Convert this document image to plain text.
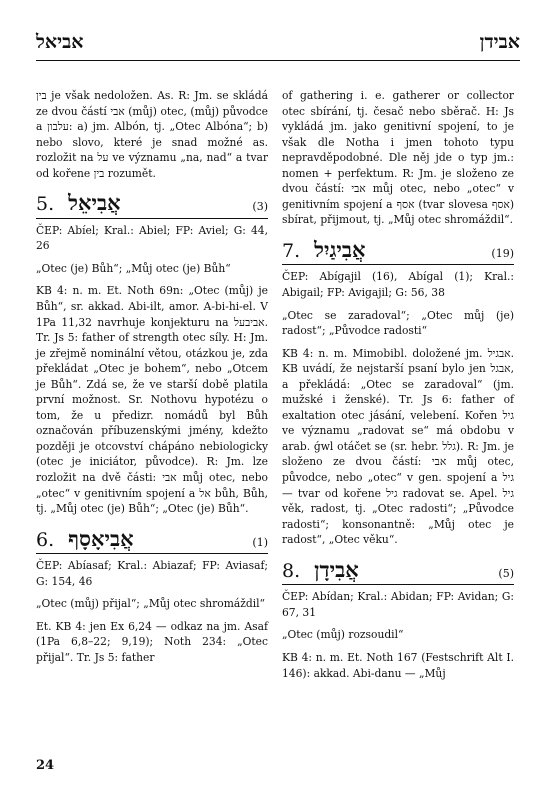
אביאל	אבידן

בין je však nedoložen. As. R: Jm. se skládá ze dvou částí אבי (můj) otec, (můj) původce a עלבון: a) jm. Albón, tj. „Otec Albóna“; b) nebo slovo, které je snad možné as. rozložit na על ve významu „na, nad“ a tvar od kořene בין rozumět.

5. אֲבִיאֵל	(3)

ČEP: Abíel; Kral.: Abiel; FP: Aviel; G: 44, 26

„Otec (je) Bůh“; „Můj otec (je) Bůh“

KB 4: n. m. Et. Noth 69n: „Otec (můj) je Bůh“, sr. akkad. Abi-ilt, amor. A-bi-hi-el. V 1Pa 11,32 navrhuje konjekturu na אביבעל. Tr. Js 5: father of strength otec síly. H: Jm. je zřejmě nominální větou, otázkou je, zda překládat „Otec je bohem“, nebo „Otcem je Bůh“. Zdá se, že ve starší době platila první možnost. Sr. Nothovu hypotézu o tom, že u předizr. nomádů byl Bůh označován příbuzenskými jmény, kdežto později je otcovství chápáno nebiologicky (otec je iniciátor, původce). R: Jm. lze rozložit na dvě části: אבי můj otec, nebo „otec“ v genitivním spojení a אל bůh, Bůh, tj. „Můj otec (je) Bůh“; „Otec (je) Bůh“.

6. אֲבִיאָסָף	(1)

ČEP: Abíasaf; Kral.: Abiazaf; FP: Aviasaf; G: 154, 46

„Otec (můj) přijal“; „Můj otec shromáždil“

Et. KB 4: jen Ex 6,24 — odkaz na jm. Asaf (1Pa 6,8–22; 9,19); Noth 234: „Otec přijal“. Tr. Js 5: father

of gathering i. e. gatherer or collector otec sbírání, tj. česač nebo sběrač. H: Js vykládá jm. jako genitivní spojení, to je však dle Notha i jmen tohoto typu nepravděpodobné. Dle něj jde o typ jm.: nomen + perfektum. R: Jm. je složeno ze dvou částí: אבי můj otec, nebo „otec“ v genitivním spojení a אסף (tvar slovesa אסף) sbírat, přijmout, tj. „Můj otec shromáždil“.

7. אֲבִיגַיִל	(19)

ČEP: Abígajil (16), Abígal (1); Kral.: Abigail; FP: Avigajil; G: 56, 38

„Otec se zaradoval“; „Otec můj (je) radost“; „Původce radosti“

KB 4: n. m. Mimobibl. doložené jm. אבגיל. KB uvádí, že nejstarší psaní bylo jen אבגל, a překládá: „Otec se zaradoval“ (jm. mužské i ženské). Tr. Js 6: father of exaltation otec jásání, velebení. Kořen גיל ve významu „radovat se“ má obdobu v arab. ǵwl otáčet se (sr. hebr. גלל). R: Jm. je složeno ze dvou částí: אבי můj otec, původce, nebo „otec“ v gen. spojení a גיל — tvar od kořene גיל radovat se. Apel. גיל věk, radost, tj. „Otec radosti“; „Původce radosti“; konsonantně: „Můj otec je radost“, „Otec věku“.

8. אֲבִידָן	(5)

ČEP: Abídan; Kral.: Abidan; FP: Avidan; G: 67, 31

„Otec (můj) rozsoudil“

KB 4: n. m. Et. Noth 167 (Festschrift Alt I. 146): akkad. Abi-danu — „Můj

24
